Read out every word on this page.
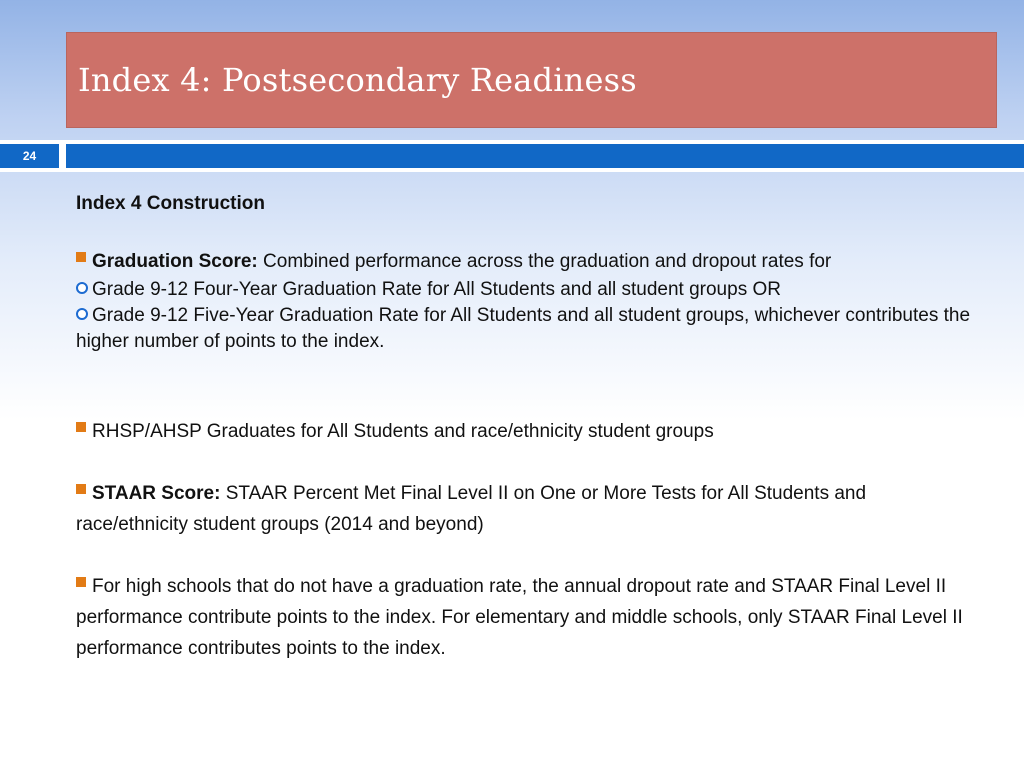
Index 4: Postsecondary Readiness
24

Index 4 Construction

Graduation Score: Combined performance across the graduation and dropout rates for

Grade 9-12 Four-Year Graduation Rate for All Students and all student groups OR

Grade 9-12 Five-Year Graduation Rate for All Students and all student groups, whichever contributes the higher number of points to the index.

RHSP/AHSP Graduates for All Students and race/ethnicity student groups

STAAR Score: STAAR Percent Met Final Level II on One or More Tests for All Students and race/ethnicity student groups (2014 and beyond)

For high schools that do not have a graduation rate, the annual dropout rate and STAAR Final Level II performance contribute points to the index. For elementary and middle schools, only STAAR Final Level II performance contributes points to the index.
